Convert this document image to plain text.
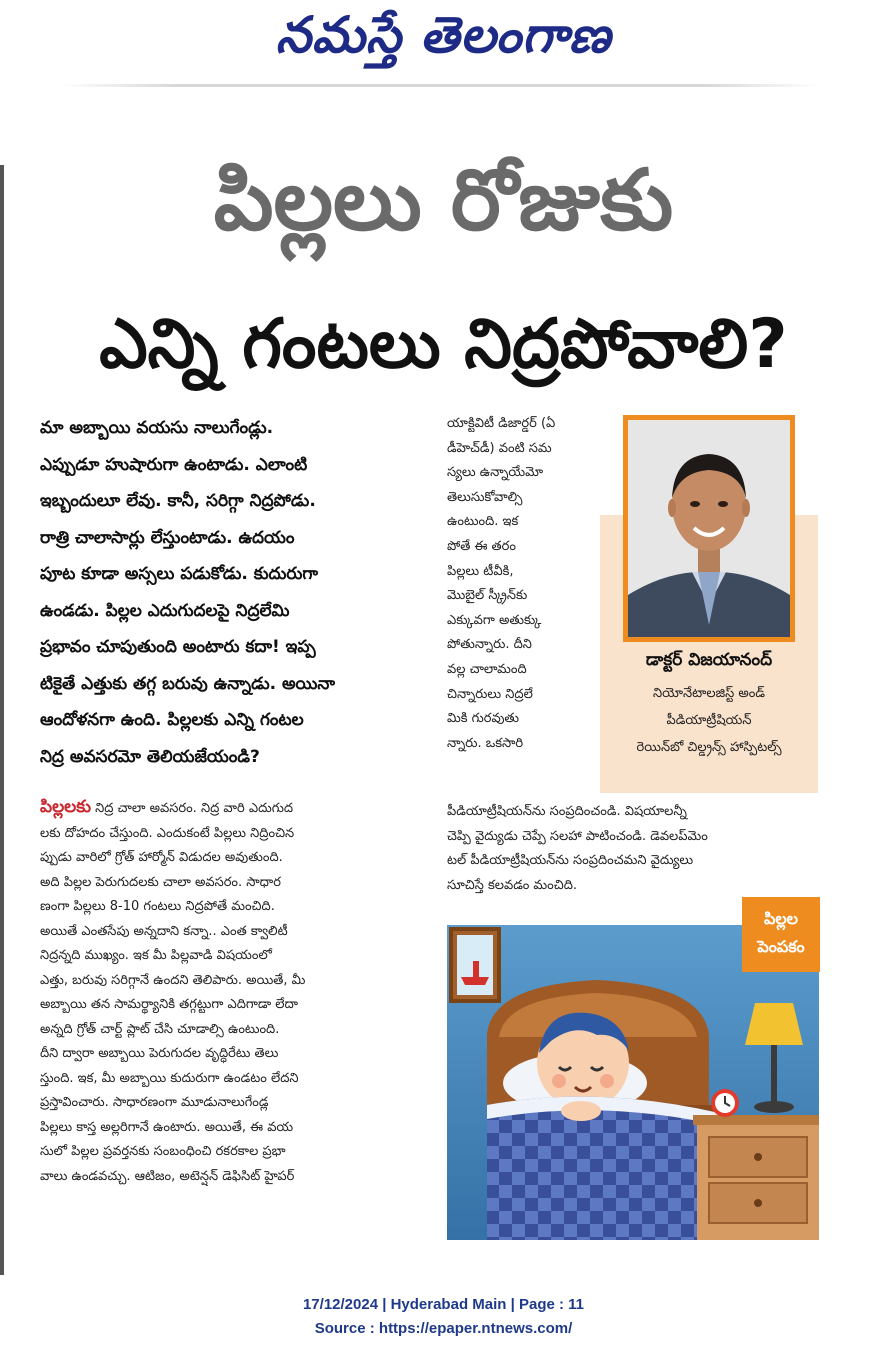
నమస్తే తెలంగాణ
పిల్లలు రోజుకు
ఎన్ని గంటలు నిద్రపోవాలి?
మా అబ్బాయి వయసు నాలుగేండ్లు.
ఎప్పుడూ హుషారుగా ఉంటాడు. ఎలాంటి
ఇబ్బందులూ లేవు. కానీ, సరిగ్గా నిద్రపోడు.
రాత్రి చాలాసార్లు లేస్తుంటాడు. ఉదయం
పూట కూడా అస్సలు పడుకోడు. కుదురుగా
ఉండడు. పిల్లల ఎదుగుదలపై నిద్రలేమి
ప్రభావం చూపుతుంది అంటారు కదా! ఇప్ప
టికైతే ఎత్తుకు తగ్గ బరువు ఉన్నాడు. అయినా
ఆందోళనగా ఉంది. పిల్లలకు ఎన్ని గంటల
నిద్ర అవసరమో తెలియజేయండి?
పిల్లలకు నిద్ర చాలా అవసరం. నిద్ర వారి ఎదుగుద
లకు దోహదం చేస్తుంది. ఎందుకంటే పిల్లలు నిద్రించిన
ప్పుడు వారిలో గ్రోత్ హార్మోన్ విడుదల అవుతుంది.
అది పిల్లల పెరుగుదలకు చాలా అవసరం. సాధార
ణంగా పిల్లలు 8-10 గంటలు నిద్రపోతే మంచిది.
అయితే ఎంతసేపు అన్నదాని కన్నా.. ఎంత క్వాలిటీ
నిద్రన్నది ముఖ్యం. ఇక మీ పిల్లవాడి విషయంలో
ఎత్తు, బరువు సరిగ్గానే ఉందని తెలిపారు. అయితే, మీ
అబ్బాయి తన సామర్థ్యానికి తగ్గట్టుగా ఎదిగాడా లేదా
అన్నది గ్రోత్ చార్ట్ ప్లాట్ చేసి చూడాల్సి ఉంటుంది.
దీని ద్వారా అబ్బాయి పెరుగుదల వృద్ధిరేటు తెలు
స్తుంది. ఇక, మీ అబ్బాయి కుదురుగా ఉండటం లేదని
ప్రస్తావించారు. సాధారణంగా మూడునాలుగేండ్ల
పిల్లలు కాస్త అల్లరిగానే ఉంటారు. అయితే, ఈ వయ
సులో పిల్లల ప్రవర్తనకు సంబంధించి రకరకాల ప్రభా
వాలు ఉండవచ్చు. ఆటిజం, అటెన్షన్ డెఫిసిట్ హైపర్
డాక్టర్ విజయానంద్
నియోనేటాలజిస్ట్ అండ్
పీడియాట్రీషియన్
రెయిన్‌బో చిల్డ్రన్స్ హాస్పిటల్స్
యాక్టివిటీ డిజార్డర్ (ఏ
డీహెచ్‌డీ) వంటి సమ
స్యలు ఉన్నాయేమో
తెలుసుకోవాల్సి
ఉంటుంది. ఇక
పోతే ఈ తరం
పిల్లలు టీవీకి,
మొబైల్ స్క్రీన్‌కు
ఎక్కువగా అతుక్కు
పోతున్నారు. దీని
వల్ల చాలామంది
చిన్నారులు నిద్రలే
మికి గురవుతు
న్నారు. ఒకసారి
పీడియాట్రీషియన్‌ను సంప్రదించండి. విషయాలన్నీ
చెప్పి వైద్యుడు చెప్పే సలహా పాటించండి. డెవలప్‌మెం
టల్ పీడియాట్రీషియన్‌ను సంప్రదించమని వైద్యులు
సూచిస్తే కలవడం మంచిది.
పిల్లల
పెంపకం
17/12/2024 | Hyderabad Main | Page : 11
Source : https://epaper.ntnews.com/
